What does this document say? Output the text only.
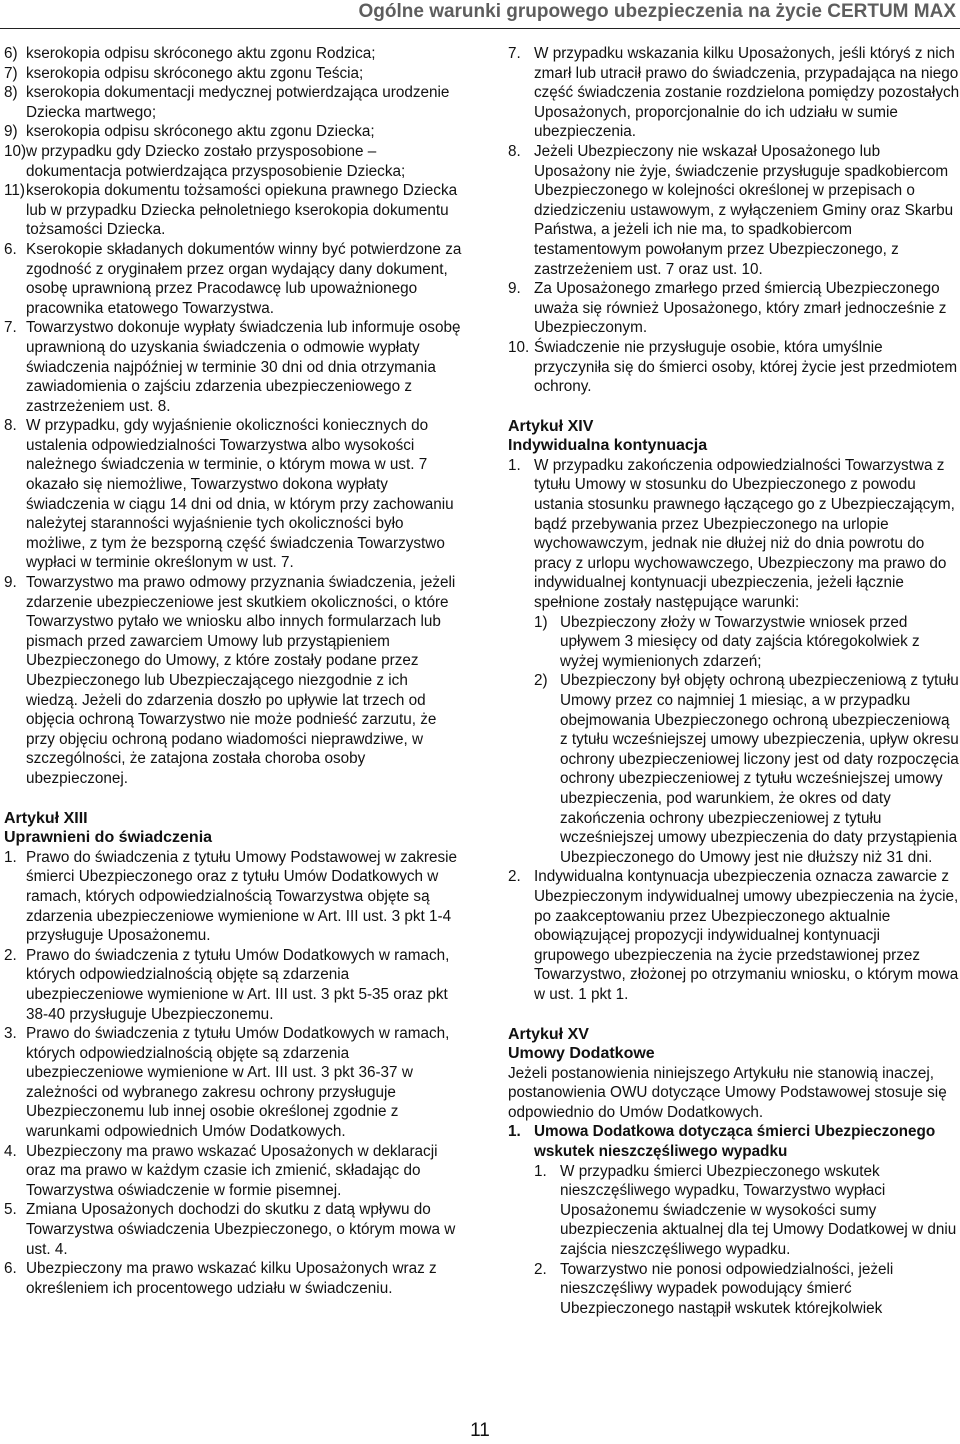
Ogólne warunki grupowego ubezpieczenia na życie CERTUM MAX
6) kserokopia odpisu skróconego aktu zgonu Rodzica;
7) kserokopia odpisu skróconego aktu zgonu Teścia;
8) kserokopia dokumentacji medycznej potwierdzająca urodzenie Dziecka martwego;
9) kserokopia odpisu skróconego aktu zgonu Dziecka;
10) w przypadku gdy Dziecko zostało przysposobione – dokumentacja potwierdzająca przysposobienie Dziecka;
11) kserokopia dokumentu tożsamości opiekuna prawnego Dziecka lub w przypadku Dziecka pełnoletniego kserokopia dokumentu tożsamości Dziecka.
6. Kserokopie składanych dokumentów winny być potwierdzone za zgodność z oryginałem przez organ wydający dany dokument, osobę uprawnioną przez Pracodawcę lub upoważnionego pracownika etatowego Towarzystwa.
7. Towarzystwo dokonuje wypłaty świadczenia lub informuje osobę uprawnioną do uzyskania świadczenia o odmowie wypłaty świadczenia najpóźniej w terminie 30 dni od dnia otrzymania zawiadomienia o zajściu zdarzenia ubezpieczeniowego z zastrzeżeniem ust. 8.
8. W przypadku, gdy wyjaśnienie okoliczności koniecznych do ustalenia odpowiedzialności Towarzystwa albo wysokości należnego świadczenia w terminie, o którym mowa w ust. 7 okazało się niemożliwe, Towarzystwo dokona wypłaty świadczenia w ciągu 14 dni od dnia, w którym przy zachowaniu należytej staranności wyjaśnienie tych okoliczności było możliwe, z tym że bezsporną część świadczenia Towarzystwo wypłaci w terminie określonym w ust. 7.
9. Towarzystwo ma prawo odmowy przyznania świadczenia, jeżeli zdarzenie ubezpieczeniowe jest skutkiem okoliczności, o które Towarzystwo pytało we wniosku albo innych formularzach lub pismach przed zawarciem Umowy lub przystąpieniem Ubezpieczonego do Umowy, z które zostały podane przez Ubezpieczonego lub Ubezpieczającego niezgodnie z ich wiedzą. Jeżeli do zdarzenia doszło po upływie lat trzech od objęcia ochroną Towarzystwo nie może podnieść zarzutu, że przy objęciu ochroną podano wiadomości nieprawdziwe, w szczególności, że zatajona została choroba osoby ubezpieczonej.
Artykuł XIII
Uprawnieni do świadczenia
1. Prawo do świadczenia z tytułu Umowy Podstawowej w zakresie śmierci Ubezpieczonego oraz z tytułu Umów Dodatkowych w ramach, których odpowiedzialnością Towarzystwa objęte są zdarzenia ubezpieczeniowe wymienione w Art. III ust. 3 pkt 1-4 przysługuje Uposażonemu.
2. Prawo do świadczenia z tytułu Umów Dodatkowych w ramach, których odpowiedzialnością objęte są zdarzenia ubezpieczeniowe wymienione w Art. III ust. 3 pkt 5-35 oraz pkt 38-40 przysługuje Ubezpieczonemu.
3. Prawo do świadczenia z tytułu Umów Dodatkowych w ramach, których odpowiedzialnością objęte są zdarzenia ubezpieczeniowe wymienione w Art. III ust. 3 pkt 36-37 w zależności od wybranego zakresu ochrony przysługuje Ubezpieczonemu lub innej osobie określonej zgodnie z warunkami odpowiednich Umów Dodatkowych.
4. Ubezpieczony ma prawo wskazać Uposażonych w deklaracji oraz ma prawo w każdym czasie ich zmienić, składając do Towarzystwa oświadczenie w formie pisemnej.
5. Zmiana Uposażonych dochodzi do skutku z datą wpływu do Towarzystwa oświadczenia Ubezpieczonego, o którym mowa w ust. 4.
6. Ubezpieczony ma prawo wskazać kilku Uposażonych wraz z określeniem ich procentowego udziału w świadczeniu.
7. W przypadku wskazania kilku Uposażonych, jeśli któryś z nich zmarł lub utracił prawo do świadczenia, przypadająca na niego część świadczenia zostanie rozdzielona pomiędzy pozostałych Uposażonych, proporcjonalnie do ich udziału w sumie ubezpieczenia.
8. Jeżeli Ubezpieczony nie wskazał Uposażonego lub Uposażony nie żyje, świadczenie przysługuje spadkobiercom Ubezpieczonego w kolejności określonej w przepisach o dziedziczeniu ustawowym, z wyłączeniem Gminy oraz Skarbu Państwa, a jeżeli ich nie ma, to spadkobiercom testamentowym powołanym przez Ubezpieczonego, z zastrzeżeniem ust. 7 oraz ust. 10.
9. Za Uposażonego zmarłego przed śmiercią Ubezpieczonego uważa się również Uposażonego, który zmarł jednocześnie z Ubezpieczonym.
10. Świadczenie nie przysługuje osobie, która umyślnie przyczyniła się do śmierci osoby, której życie jest przedmiotem ochrony.
Artykuł XIV
Indywidualna kontynuacja
1. W przypadku zakończenia odpowiedzialności Towarzystwa z tytułu Umowy w stosunku do Ubezpieczonego z powodu ustania stosunku prawnego łączącego go z Ubezpieczającym, bądź przebywania przez Ubezpieczonego na urlopie wychowawczym, jednak nie dłużej niż do dnia powrotu do pracy z urlopu wychowawczego, Ubezpieczony ma prawo do indywidualnej kontynuacji ubezpieczenia, jeżeli łącznie spełnione zostały następujące warunki:
1) Ubezpieczony złoży w Towarzystwie wniosek przed upływem 3 miesięcy od daty zajścia któregokolwiek z wyżej wymienionych zdarzeń;
2) Ubezpieczony był objęty ochroną ubezpieczeniową z tytułu Umowy przez co najmniej 1 miesiąc, a w przypadku obejmowania Ubezpieczonego ochroną ubezpieczeniową z tytułu wcześniejszej umowy ubezpieczenia, upływ okresu ochrony ubezpieczeniowej liczony jest od daty rozpoczęcia ochrony ubezpieczeniowej z tytułu wcześniejszej umowy ubezpieczenia, pod warunkiem, że okres od daty zakończenia ochrony ubezpieczeniowej z tytułu wcześniejszej umowy ubezpieczenia do daty przystąpienia Ubezpieczonego do Umowy jest nie dłuższy niż 31 dni.
2. Indywidualna kontynuacja ubezpieczenia oznacza zawarcie z Ubezpieczonym indywidualnej umowy ubezpieczenia na życie, po zaakceptowaniu przez Ubezpieczonego aktualnie obowiązującej propozycji indywidualnej kontynuacji grupowego ubezpieczenia na życie przedstawionej przez Towarzystwo, złożonej po otrzymaniu wniosku, o którym mowa w ust. 1 pkt 1.
Artykuł XV
Umowy Dodatkowe

Jeżeli postanowienia niniejszego Artykułu nie stanowią inaczej, postanowienia OWU dotyczące Umowy Podstawowej stosuje się odpowiednio do Umów Dodatkowych.

1. Umowa Dodatkowa dotycząca śmierci Ubezpieczonego wskutek nieszczęśliwego wypadku
1. W przypadku śmierci Ubezpieczonego wskutek nieszczęśliwego wypadku, Towarzystwo wypłaci Uposażonemu świadczenie w wysokości sumy ubezpieczenia aktualnej dla tej Umowy Dodatkowej w dniu zajścia nieszczęśliwego wypadku.
2. Towarzystwo nie ponosi odpowiedzialności, jeżeli nieszczęśliwy wypadek powodujący śmierć Ubezpieczonego nastąpił wskutek którejkolwiek
11
